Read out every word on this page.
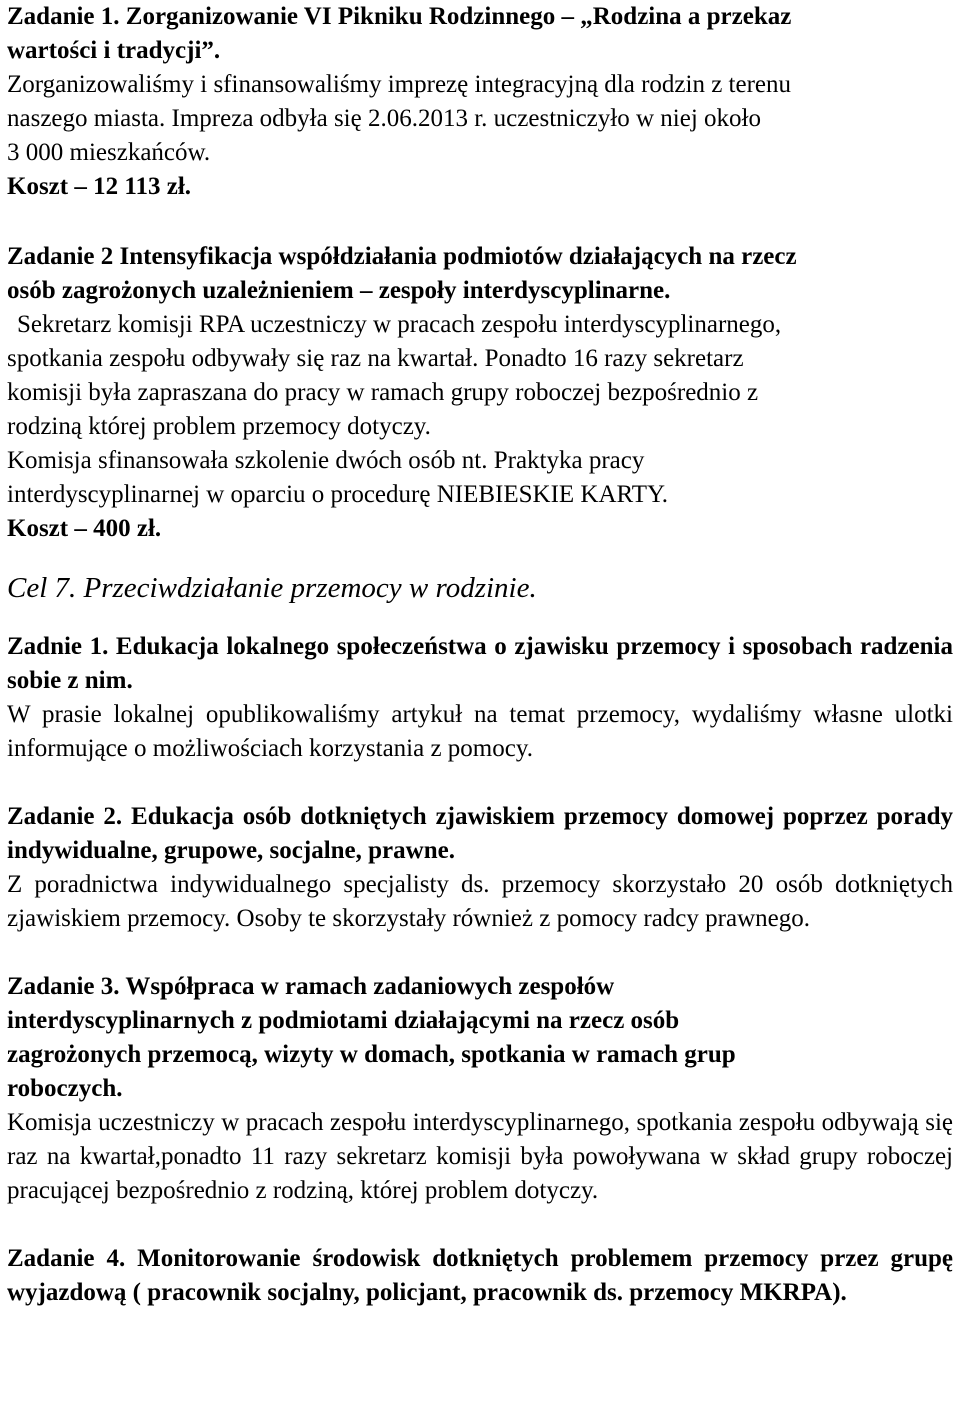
Zadanie 1. Zorganizowanie VI Pikniku Rodzinnego – „Rodzina a przekaz
wartości i tradycji”.
Zorganizowaliśmy i sfinansowaliśmy imprezę integracyjną dla rodzin z terenu
naszego miasta. Impreza odbyła się 2.06.2013 r. uczestniczyło w niej około
3 000 mieszkańców.
Koszt – 12 113 zł.
Zadanie 2 Intensyfikacja współdziałania podmiotów działających na rzecz
osób zagrożonych uzależnieniem – zespoły interdyscyplinarne.
Sekretarz komisji RPA uczestniczy w pracach zespołu interdyscyplinarnego,
spotkania zespołu odbywały się raz na kwartał. Ponadto 16 razy sekretarz
komisji była zapraszana do pracy w ramach grupy roboczej bezpośrednio z
rodziną której problem przemocy dotyczy.
Komisja sfinansowała szkolenie dwóch osób nt. Praktyka pracy
interdyscyplinarnej w oparciu o procedurę NIEBIESKIE KARTY.
Koszt – 400 zł.

Cel 7. Przeciwdziałanie przemocy w rodzinie.

Zadnie 1. Edukacja lokalnego społeczeństwa o zjawisku przemocy i sposobach radzenia sobie z nim.

W prasie lokalnej opublikowaliśmy artykuł na temat przemocy, wydaliśmy własne ulotki informujące o możliwościach korzystania z pomocy.

Zadanie 2. Edukacja osób dotkniętych zjawiskiem przemocy domowej poprzez porady indywidualne, grupowe, socjalne, prawne.

Z poradnictwa indywidualnego specjalisty ds. przemocy skorzystało 20 osób dotkniętych zjawiskiem przemocy. Osoby te skorzystały również z pomocy radcy prawnego.

Zadanie 3. Współpraca w ramach zadaniowych zespołów
interdyscyplinarnych z podmiotami działającymi na rzecz osób
zagrożonych przemocą, wizyty w domach, spotkania w ramach grup
roboczych.

Komisja uczestniczy w pracach zespołu interdyscyplinarnego, spotkania zespołu odbywają się raz na kwartał,ponadto 11 razy sekretarz komisji była powoływana w skład grupy roboczej pracującej bezpośrednio z rodziną, której problem dotyczy.

Zadanie 4. Monitorowanie środowisk dotkniętych problemem przemocy przez grupę wyjazdową ( pracownik socjalny, policjant, pracownik ds. przemocy MKRPA).
